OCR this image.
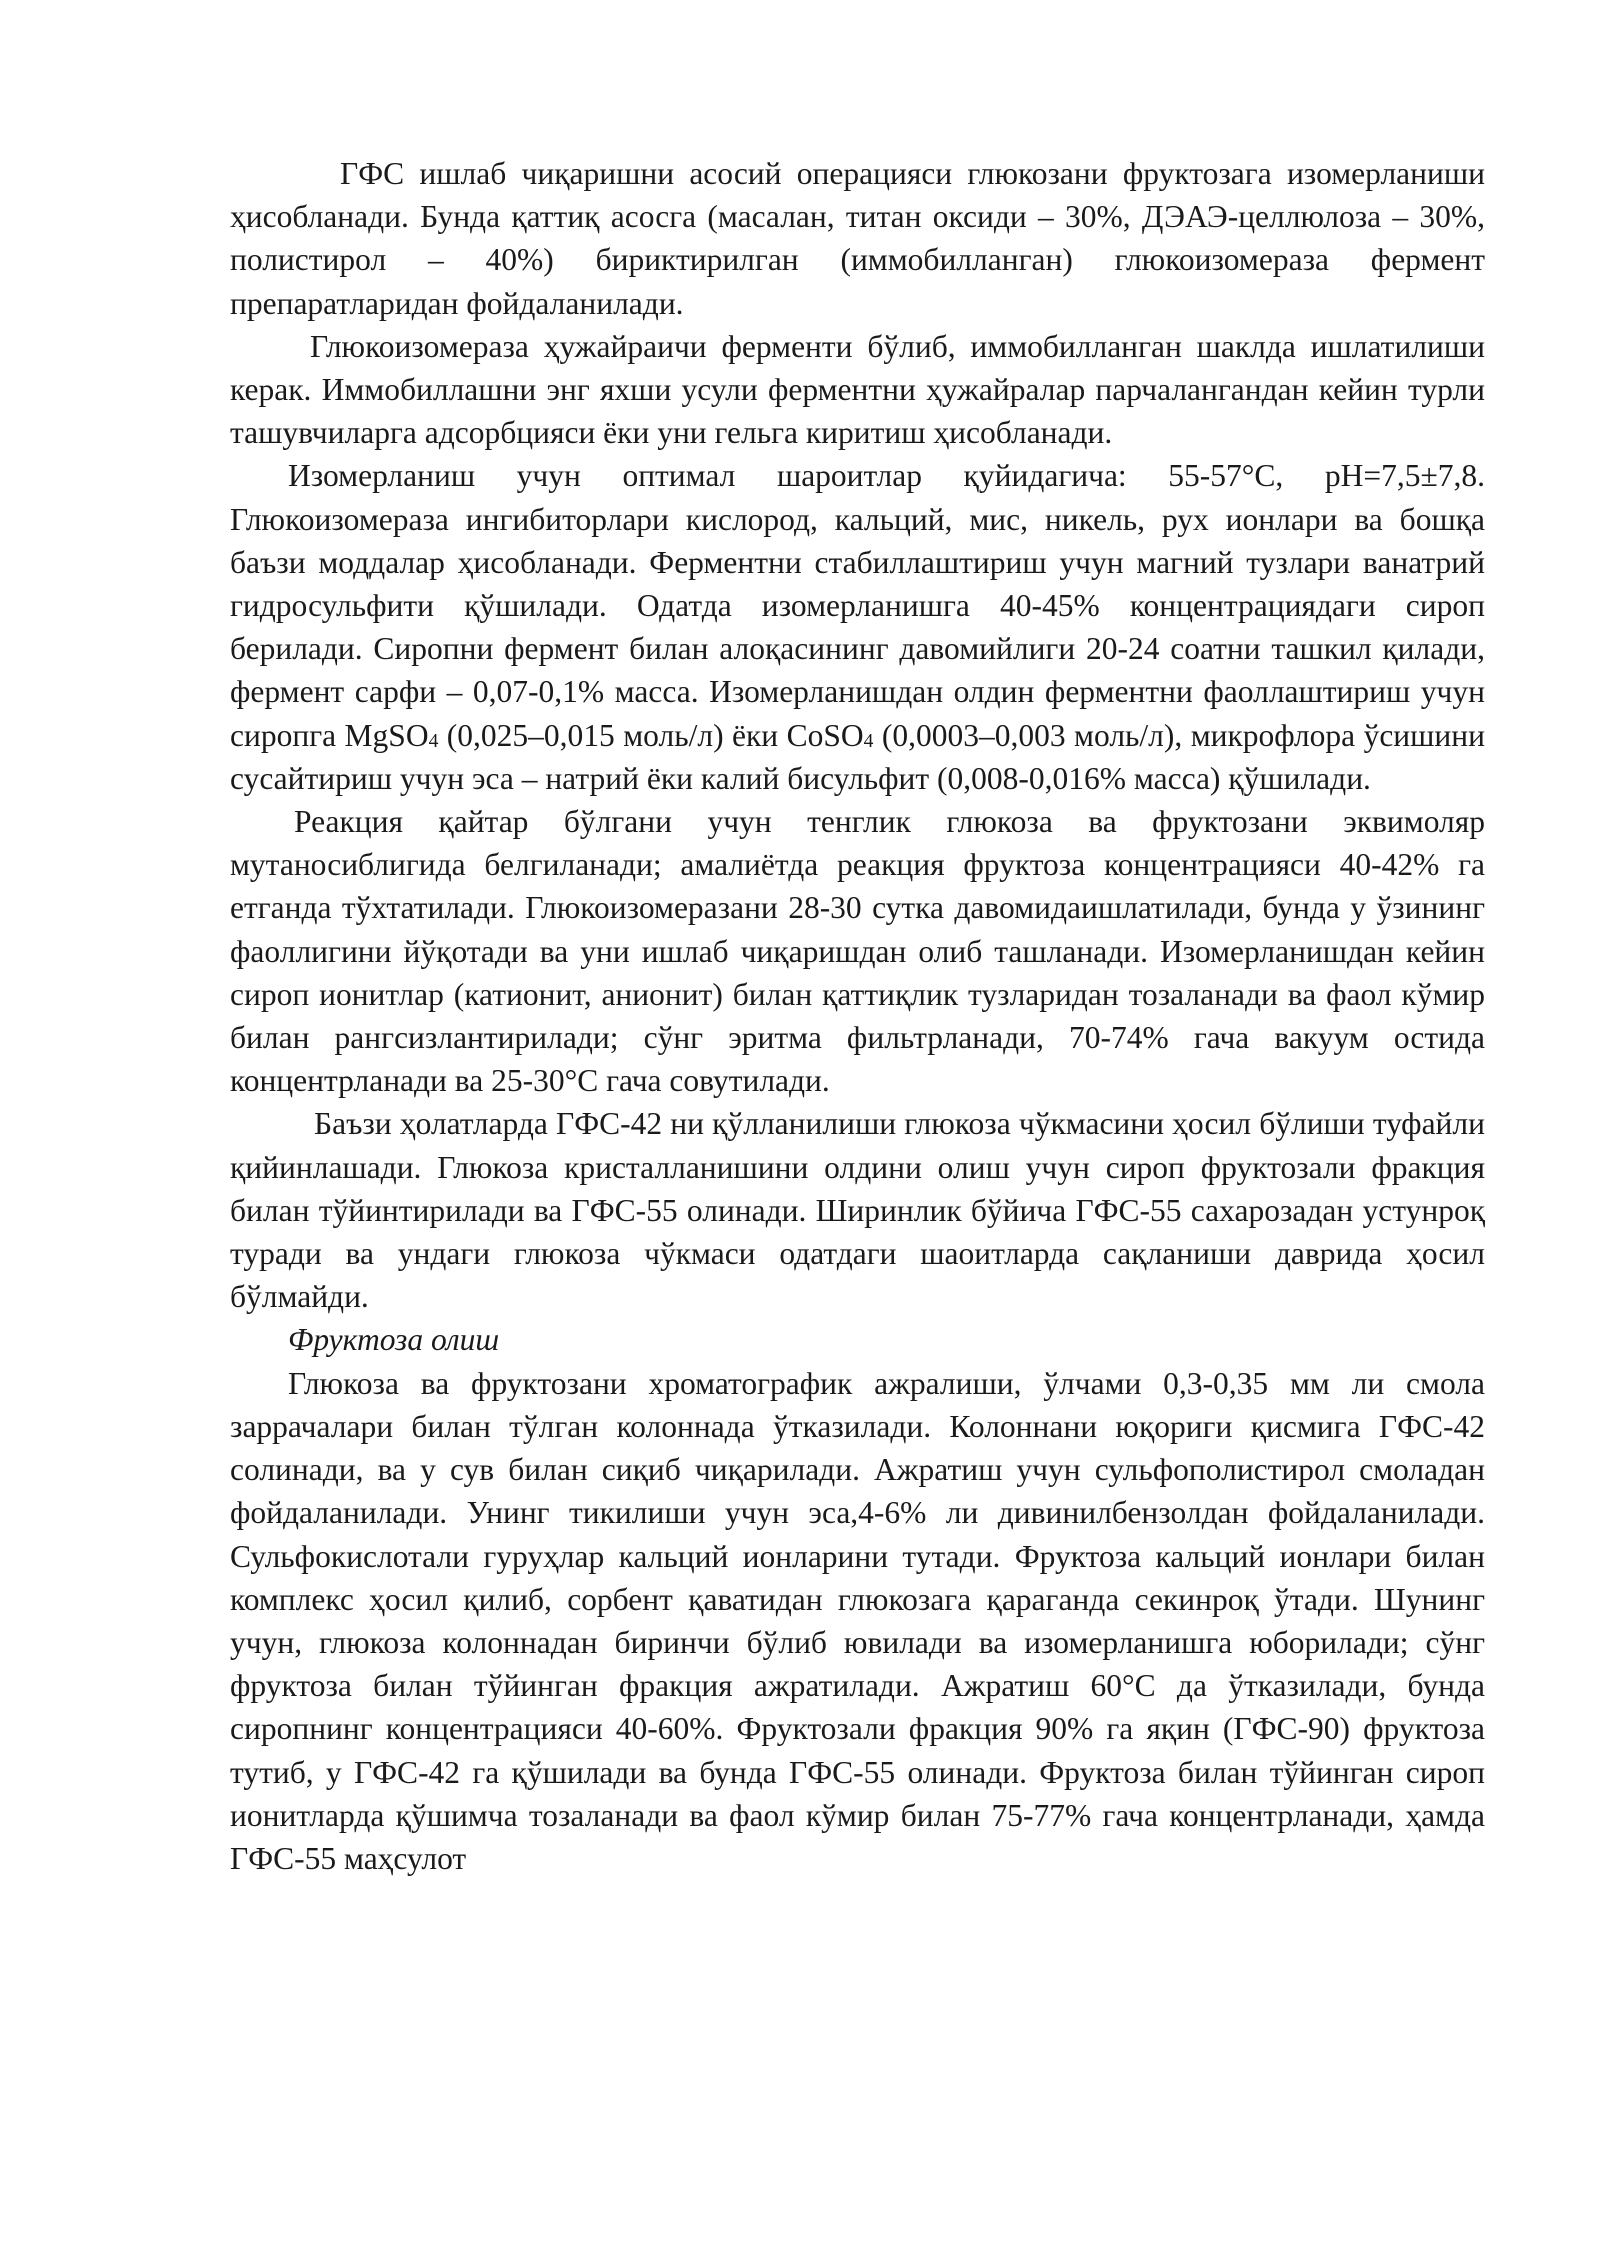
ГФС ишлаб чиқаришни асосий операцияси глюкозани фруктозага изомерланиши ҳисобланади. Бунда қаттиқ асосга (масалан, титан оксиди – 30%, ДЭАЭ-целлюлоза – 30%, полистирол – 40%) бириктирилган (иммобилланган) глюкоизомераза фермент препаратларидан фойдаланилади.

Глюкоизомераза ҳужайраичи ферменти бўлиб, иммобилланган шаклда ишлатилиши керак. Иммобиллашни энг яхши усули ферментни ҳужайралар парчалангандан кейин турли ташувчиларга адсорбцияси ёки уни гельга киритиш ҳисобланади.

Изомерланиш учун оптимал шароитлар қуйидагича: 55-57°С, pH=7,5±7,8. Глюкоизомераза ингибиторлари кислород, кальций, мис, никель, рух ионлари ва бошқа баъзи моддалар ҳисобланади. Ферментни стабиллаштириш учун магний тузлари ванатрий гидросульфити қўшилади. Одатда изомерланишга 40-45% концентрациядаги сироп берилади. Сиропни фермент билан алоқасининг давомийлиги 20-24 соатни ташкил қилади, фермент сарфи – 0,07-0,1% масса. Изомерланишдан олдин ферментни фаоллаштириш учун сиропга MgSO$_4$ (0,025–0,015 моль/л) ёки CoSO$_4$ (0,0003–0,003 моль/л), микрофлора ўсишини сусайтириш учун эса – натрий ёки калий бисульфит (0,008-0,016% масса) қўшилади.

Реакция қайтар бўлгани учун тенглик глюкоза ва фруктозани эквимоляр мутаносиблигида белгиланади; амалиётда реакция фруктоза концентрацияси 40-42% га етганда тўхтатилади. Глюкоизомеразани 28-30 сутка давомидаишлатилади, бунда у ўзининг фаоллигини йўқотади ва уни ишлаб чиқаришдан олиб ташланади. Изомерланишдан кейин сироп ионитлар (катионит, анионит) билан қаттиқлик тузларидан тозаланади ва фаол кўмир билан рангсизлантирилади; сўнг эритма фильтрланади, 70-74% гача вакуум остида концентрланади ва 25-30°С гача совутилади.

Баъзи ҳолатларда ГФС-42 ни қўлланилиши глюкоза чўкмасини ҳосил бўлиши туфайли қийинлашади. Глюкоза кристалланишини олдини олиш учун сироп фруктозали фракция билан тўйинтирилади ва ГФС-55 олинади. Ширинлик бўйича ГФС-55 сахарозадан устунроқ туради ва ундаги глюкоза чўкмаси одатдаги шаоитларда сақланиши даврида ҳосил бўлмайди.

Фруктоза олиш

Глюкоза ва фруктозани хроматографик ажралиши, ўлчами 0,3-0,35 мм ли смола заррачалари билан тўлган колоннада ўтказилади. Колоннани юқориги қисмига ГФС-42 солинади, ва у сув билан сиқиб чиқарилади. Ажратиш учун сульфополистирол смоладан фойдаланилади. Унинг тикилиши учун эса,4-6% ли дивинилбензолдан фойдаланилади. Сульфокислотали гуруҳлар кальций ионларини тутади. Фруктоза кальций ионлари билан комплекс ҳосил қилиб, сорбент қаватидан глюкозага қараганда секинроқ ўтади. Шунинг учун, глюкоза колоннадан биринчи бўлиб ювилади ва изомерланишга юборилади; сўнг фруктоза билан тўйинган фракция ажратилади. Ажратиш 60°С да ўтказилади, бунда сиропнинг концентрацияси 40-60%. Фруктозали фракция 90% га яқин (ГФС-90) фруктоза тутиб, у ГФС-42 га қўшилади ва бунда ГФС-55 олинади. Фруктоза билан тўйинган сироп ионитларда қўшимча тозаланади ва фаол кўмир билан 75-77% гача концентрланади, ҳамда ГФС-55 маҳсулот
